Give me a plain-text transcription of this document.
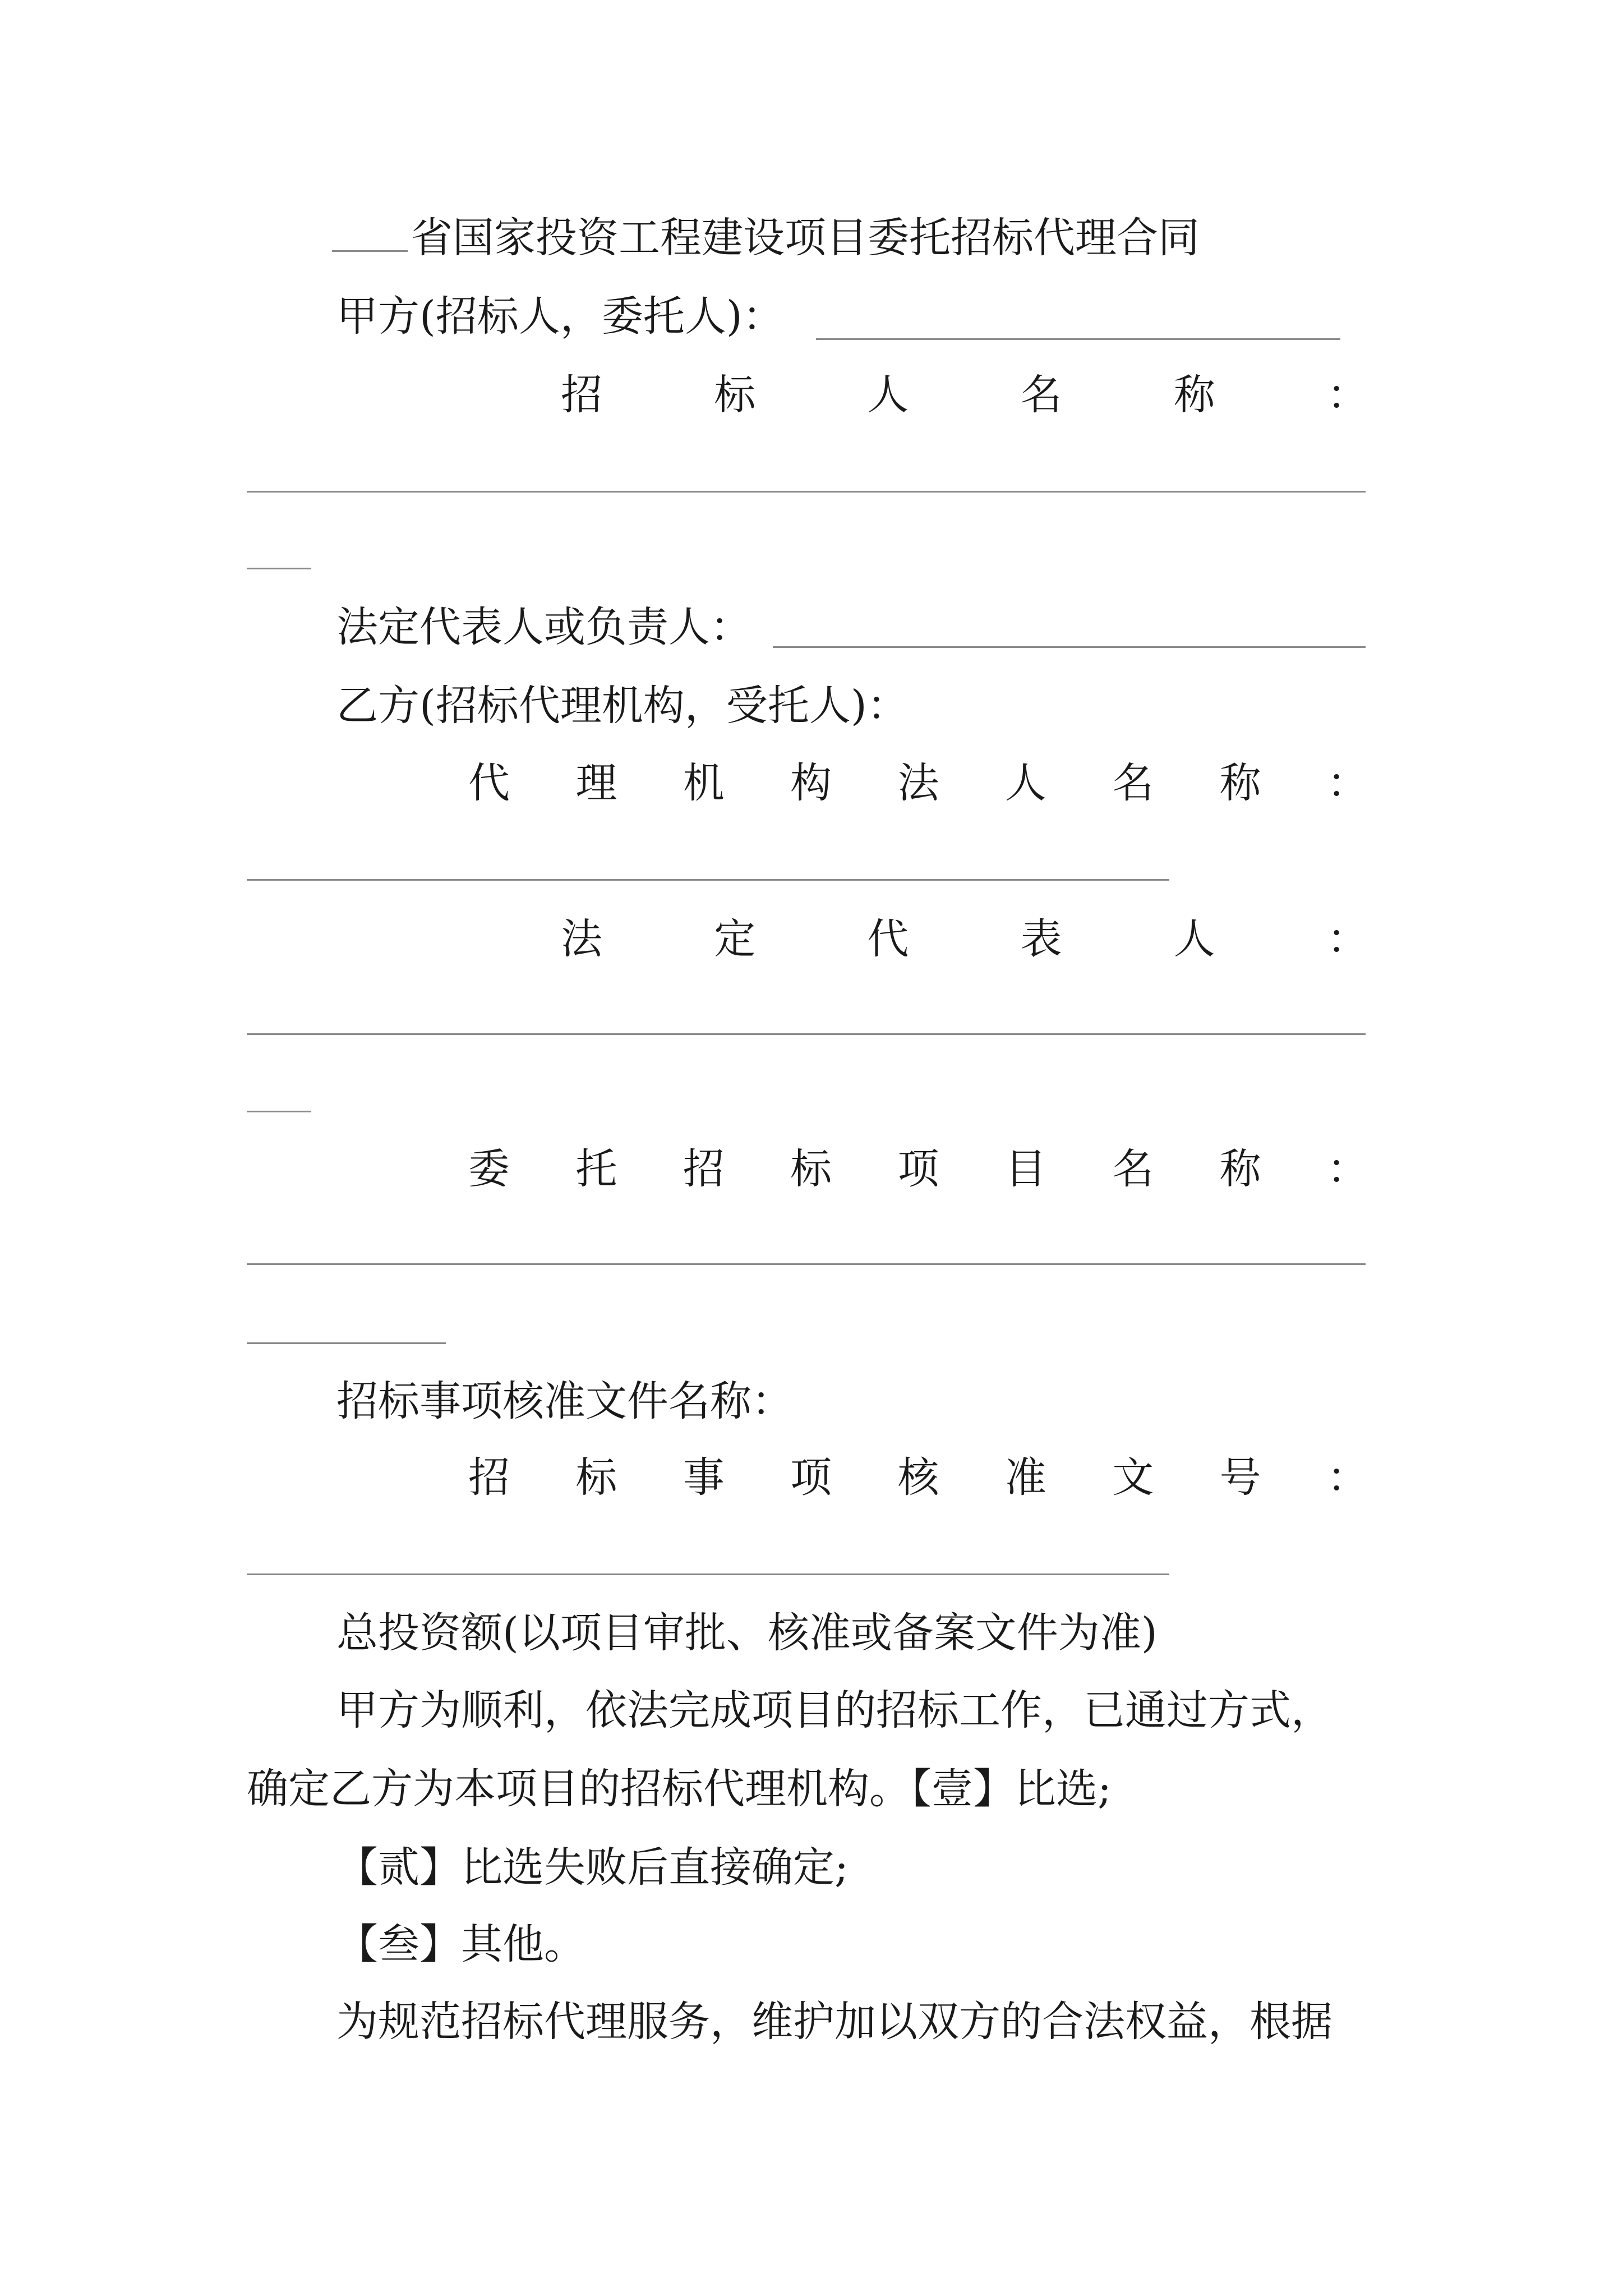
省国家投资工程建设项目委托招标代理合同
甲方(招标人，委托人)：
招	标	人	名	称	：
法定代表人或负责人：
乙方(招标代理机构，受托人)：
代 理 机 构 法 人 名 称 ：
法	定	代	表	人	：
委 托 招 标 项 目 名 称 ：
招标事项核准文件名称：
招 标 事 项 核 准 文 号 ：
总投资额(以项目审批、核准或备案文件为准)
甲方为顺利，依法完成项目的招标工作，已通过方式，
确定乙方为本项目的招标代理机构。【壹】比选;
【贰】比选失败后直接确定;
【叁】其他。
为规范招标代理服务，维护加以双方的合法权益，根据
